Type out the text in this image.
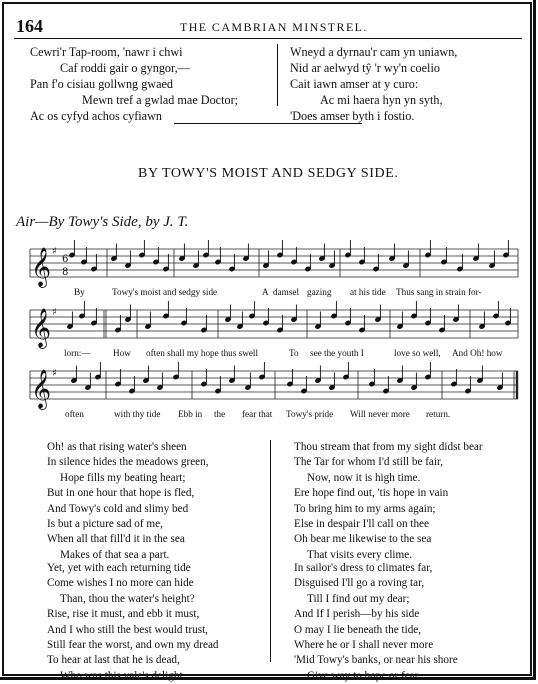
164	THE CAMBRIAN MINSTREL.
Cewri'r Tap-room, 'nawr i chwi
Caf roddi gair o gyngor,—
Pan f'o cisiau gollwng gwaed
Mewn tref a gwlad mae Doctor;
Ac os cyfyd achos cyfiawn
Wneyd a dyrnau'r cam yn uniawn,
Nid ar aelwyd tŷ 'r wy'n coelio
Cait iawn amser at y curo:
Ac mi haera hyn yn syth,
'Does amser byth i fostio.
BY TOWY'S MOIST AND SEDGY SIDE.
Air—By Towy's Side, by J. T.
𝄞
𝄞
𝄞
♯
♯
♯
6
8
By	Towy's moist and sedgy side	A damsel gazing at his tide Thus sang in strain for-
lorn:— How often shall my hope thus swell	To see the youth I	love so well, And Oh! how
often	with thy tide Ebb in the fear that Towy's pride Will never more return.
Oh! as that rising water's sheen
In silence hides the meadows green,
Hope fills my beating heart;
But in one hour that hope is fled,
And Towy's cold and slimy bed
Is but a picture sad of me,
When all that fill'd it in the sea
Makes of that sea a part.
Thou stream that from my sight didst bear
The Tar for whom I'd still be fair,
Now, now it is high time.
Ere hope find out, 'tis hope in vain
To bring him to my arms again;
Else in despair I'll call on thee
Oh bear me likewise to the sea
That visits every clime.
Yet, yet with each returning tide
Come wishes I no more can hide
Than, thou the water's height?
Rise, rise it must, and ebb it must,
And I who still the best would trust,
Still fear the worst, and own my dread
To hear at last that he is dead,
Who was this vale's delight.
In sailor's dress to climates far,
Disguised I'll go a roving tar,
Till I find out my dear;
And If I perish—by his side
O may I lie beneath the tide,
Where he or I shall never more
'Mid Towy's banks, or near his shore
Give way to hope or fear.
